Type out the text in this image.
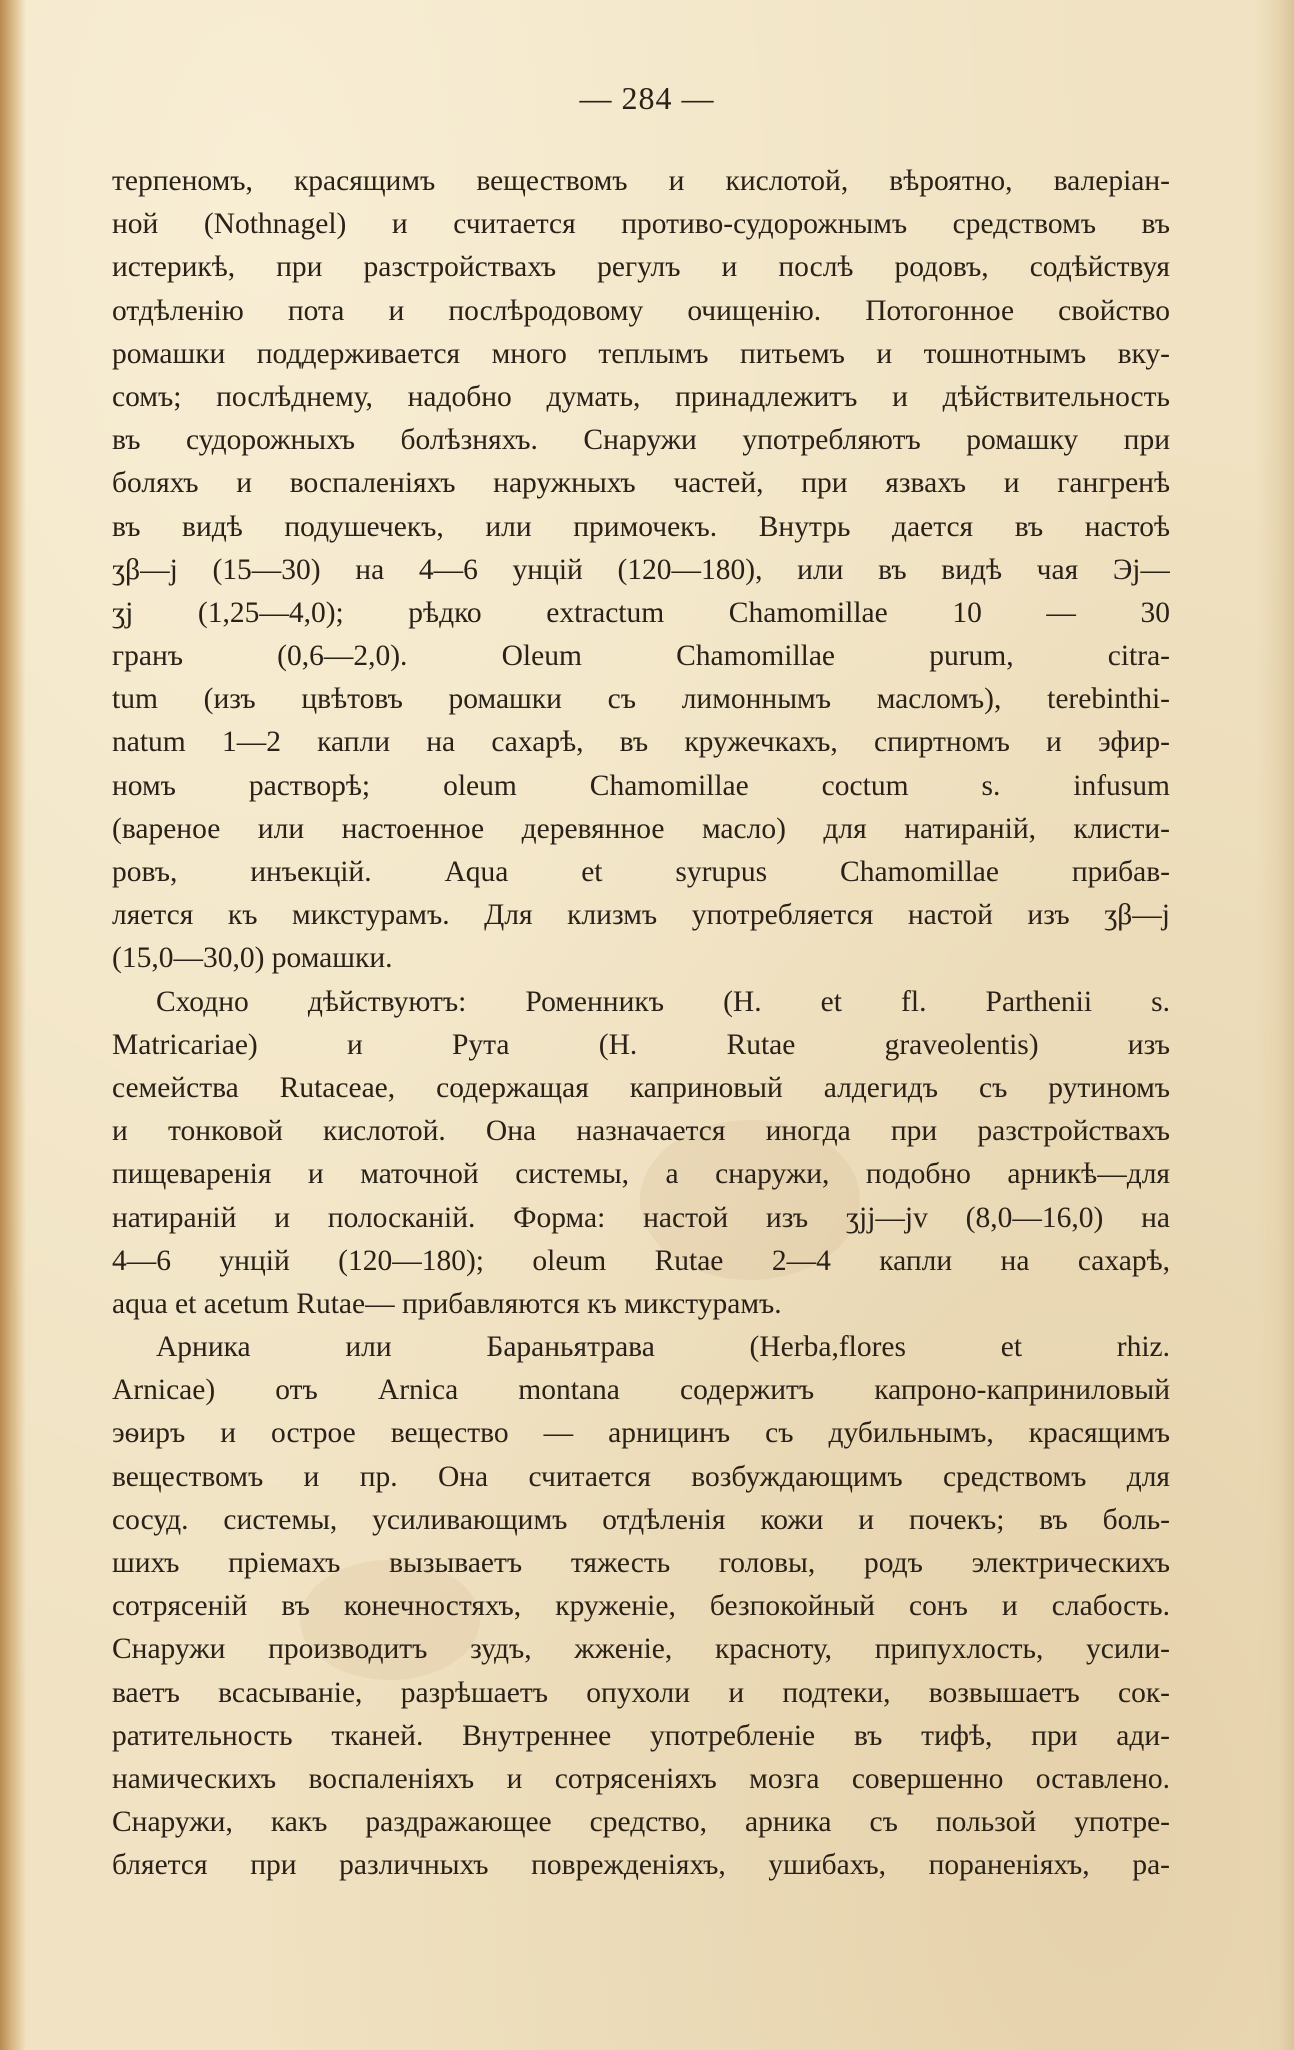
— 284 —
терпеномъ, красящимъ веществомъ и кислотой, вѣроятно, валеріан-
ной (Nothnagel) и считается противо-судорожнымъ средствомъ въ
истерикѣ, при разстройствахъ регулъ и послѣ родовъ, содѣйствуя
отдѣленію пота и послѣродовому очищенію. Потогонное свойство
ромашки поддерживается много теплымъ питьемъ и тошнотнымъ вку-
сомъ; послѣднему, надобно думать, принадлежитъ и дѣйствительность
въ судорожныхъ болѣзняхъ. Снаружи употребляютъ ромашку при
боляхъ и воспаленіяхъ наружныхъ частей, при язвахъ и гангренѣ
въ видѣ подушечекъ, или примочекъ. Внутрь дается въ настоѣ
ʒβ—j (15—30) на 4—6 унцій (120—180), или въ видѣ чая Эj—
ʒj (1,25—4,0); рѣдко extractum Chamomillae 10 — 30
гранъ (0,6—2,0). Oleum Chamomillae purum, citra-
tum (изъ цвѣтовъ ромашки съ лимоннымъ масломъ), terebinthi-
natum 1—2 капли на сахарѣ, въ кружечкахъ, спиртномъ и эфир-
номъ растворѣ; oleum Chamomillae coctum s. infusum
(вареное или настоенное деревянное масло) для натираній, клисти-
ровъ, инъекцій. Aqua et syrupus Chamomillae прибав-
ляется къ микстурамъ. Для клизмъ употребляется настой изъ ʒβ—j
(15,0—30,0) ромашки.
Сходно дѣйствуютъ: Роменникъ (H. et fl. Parthenii s.
Matricariae) и Рута (H. Rutae graveolentis) изъ
семейства Rutaceae, содержащая каприновый алдегидъ съ рутиномъ
и тонковой кислотой. Она назначается иногда при разстройствахъ
пищеваренія и маточной системы, а снаружи, подобно арникѣ—для
натираній и полосканій. Форма: настой изъ ʒjj—jv (8,0—16,0) на
4—6 унцій (120—180); oleum Rutae 2—4 капли на сахарѣ,
aqua et acetum Rutae— прибавляются къ микстурамъ.
Арника или Бараньятрава (Herba,flores et rhiz.
Arnicae) отъ Arnica montana содержитъ капроно-каприниловый
эѳиръ и острое вещество — арницинъ съ дубильнымъ, красящимъ
веществомъ и пр. Она считается возбуждающимъ средствомъ для
сосуд. системы, усиливающимъ отдѣленія кожи и почекъ; въ боль-
шихъ пріемахъ вызываетъ тяжесть головы, родъ электрическихъ
сотрясеній въ конечностяхъ, круженіе, безпокойный сонъ и слабость.
Снаружи производитъ зудъ, жженіе, красноту, припухлость, усили-
ваетъ всасываніе, разрѣшаетъ опухоли и подтеки, возвышаетъ сок-
ратительность тканей. Внутреннее употребленіе въ тифѣ, при ади-
намическихъ воспаленіяхъ и сотрясеніяхъ мозга совершенно оставлено.
Снаружи, какъ раздражающее средство, арника съ пользой употре-
бляется при различныхъ поврежденіяхъ, ушибахъ, пораненіяхъ, ра-
